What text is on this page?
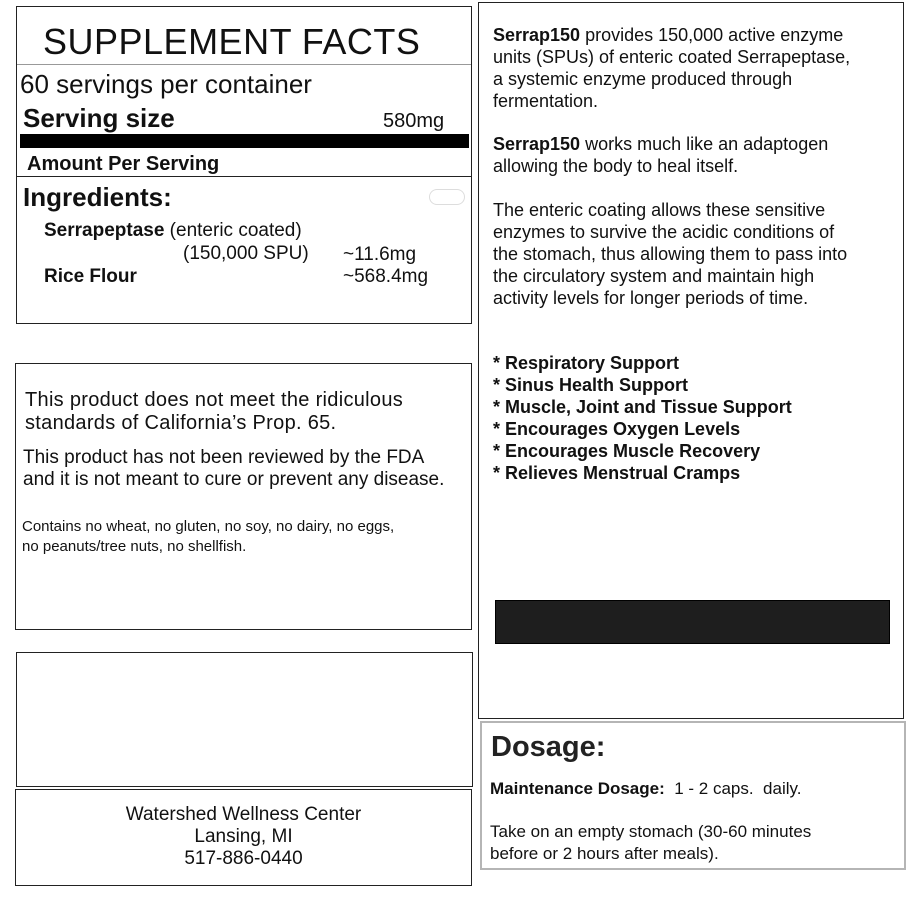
SUPPLEMENT FACTS
60 servings per container
Serving size	580mg
Amount Per Serving
Ingredients:
Serrapeptase (enteric coated)
(150,000 SPU) ~11.6mg
Rice Flour	~568.4mg
This product does not meet the ridiculous
standards of California’s Prop. 65.
This product has not been reviewed by the FDA
and it is not meant to cure or prevent any disease.
Contains no wheat, no gluten, no soy, no dairy, no eggs,
no peanuts/tree nuts, no shellfish.
Watershed Wellness Center
Lansing, MI
517-886-0440
Serrap150 provides 150,000 active enzyme
units (SPUs) of enteric coated Serrapeptase,
a systemic enzyme produced through
fermentation.
Serrap150 works much like an adaptogen
allowing the body to heal itself.
The enteric coating allows these sensitive
enzymes to survive the acidic conditions of
the stomach, thus allowing them to pass into
the circulatory system and maintain high
activity levels for longer periods of time.
* Respiratory Support
* Sinus Health Support
* Muscle, Joint and Tissue Support
* Encourages Oxygen Levels
* Encourages Muscle Recovery
* Relieves Menstrual Cramps
Dosage:
Maintenance Dosage:  1 - 2 caps.  daily.
Take on an empty stomach (30-60 minutes
before or 2 hours after meals).
